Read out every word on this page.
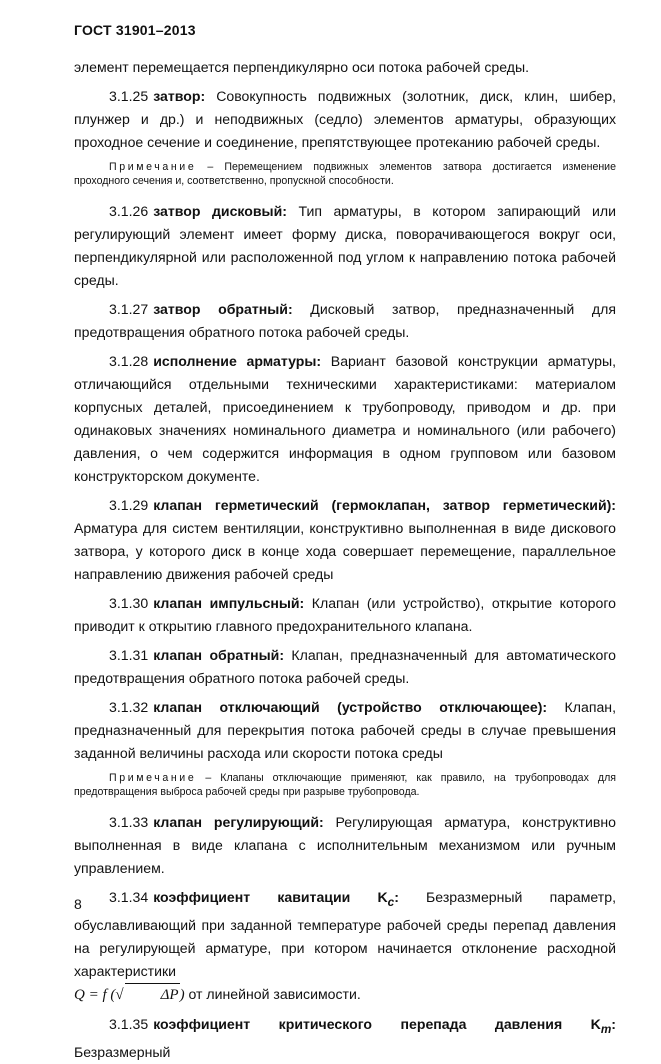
ГОСТ 31901–2013

элемент перемещается перпендикулярно оси потока рабочей среды.

3.1.25 затвор: Совокупность подвижных (золотник, диск, клин, шибер, плунжер и др.) и неподвижных (седло) элементов арматуры, образующих проходное сечение и соединение, препятствующее протеканию рабочей среды.

Примечание – Перемещением подвижных элементов затвора достигается изменение проходного сечения и, соответственно, пропускной способности.

3.1.26 затвор дисковый: Тип арматуры, в котором запирающий или регулирующий элемент имеет форму диска, поворачивающегося вокруг оси, перпендикулярной или расположенной под углом к направлению потока рабочей среды.

3.1.27 затвор обратный: Дисковый затвор, предназначенный для предотвращения обратного потока рабочей среды.

3.1.28 исполнение арматуры: Вариант базовой конструкции арматуры, отличающийся отдельными техническими характеристиками: материалом корпусных деталей, присоединением к трубопроводу, приводом и др. при одинаковых значениях номинального диаметра и номинального (или рабочего) давления, о чем содержится информация в одном групповом или базовом конструкторском документе.

3.1.29 клапан герметический (гермоклапан, затвор герметический): Арматура для систем вентиляции, конструктивно выполненная в виде дискового затвора, у которого диск в конце хода совершает перемещение, параллельное направлению движения рабочей среды

3.1.30 клапан импульсный: Клапан (или устройство), открытие которого приводит к открытию главного предохранительного клапана.

3.1.31 клапан обратный: Клапан, предназначенный для автоматического предотвращения обратного потока рабочей среды.

3.1.32 клапан отключающий (устройство отключающее): Клапан, предназначенный для перекрытия потока рабочей среды в случае превышения заданной величины расхода или скорости потока среды

Примечание – Клапаны отключающие применяют, как правило, на трубопроводах для предотвращения выброса рабочей среды при разрыве трубопровода.

3.1.33 клапан регулирующий: Регулирующая арматура, конструктивно выполненная в виде клапана с исполнительным механизмом или ручным управлением.

3.1.34 коэффициент кавитации $K_c$: Безразмерный параметр, обуславливающий при заданной температуре рабочей среды перепад давления на регулирующей арматуре, при котором начинается отклонение расходной характеристики
Q = f (√ ΔP) от линейной зависимости.

3.1.35 коэффициент критического перепада давления $K_m$: Безразмерный

8
